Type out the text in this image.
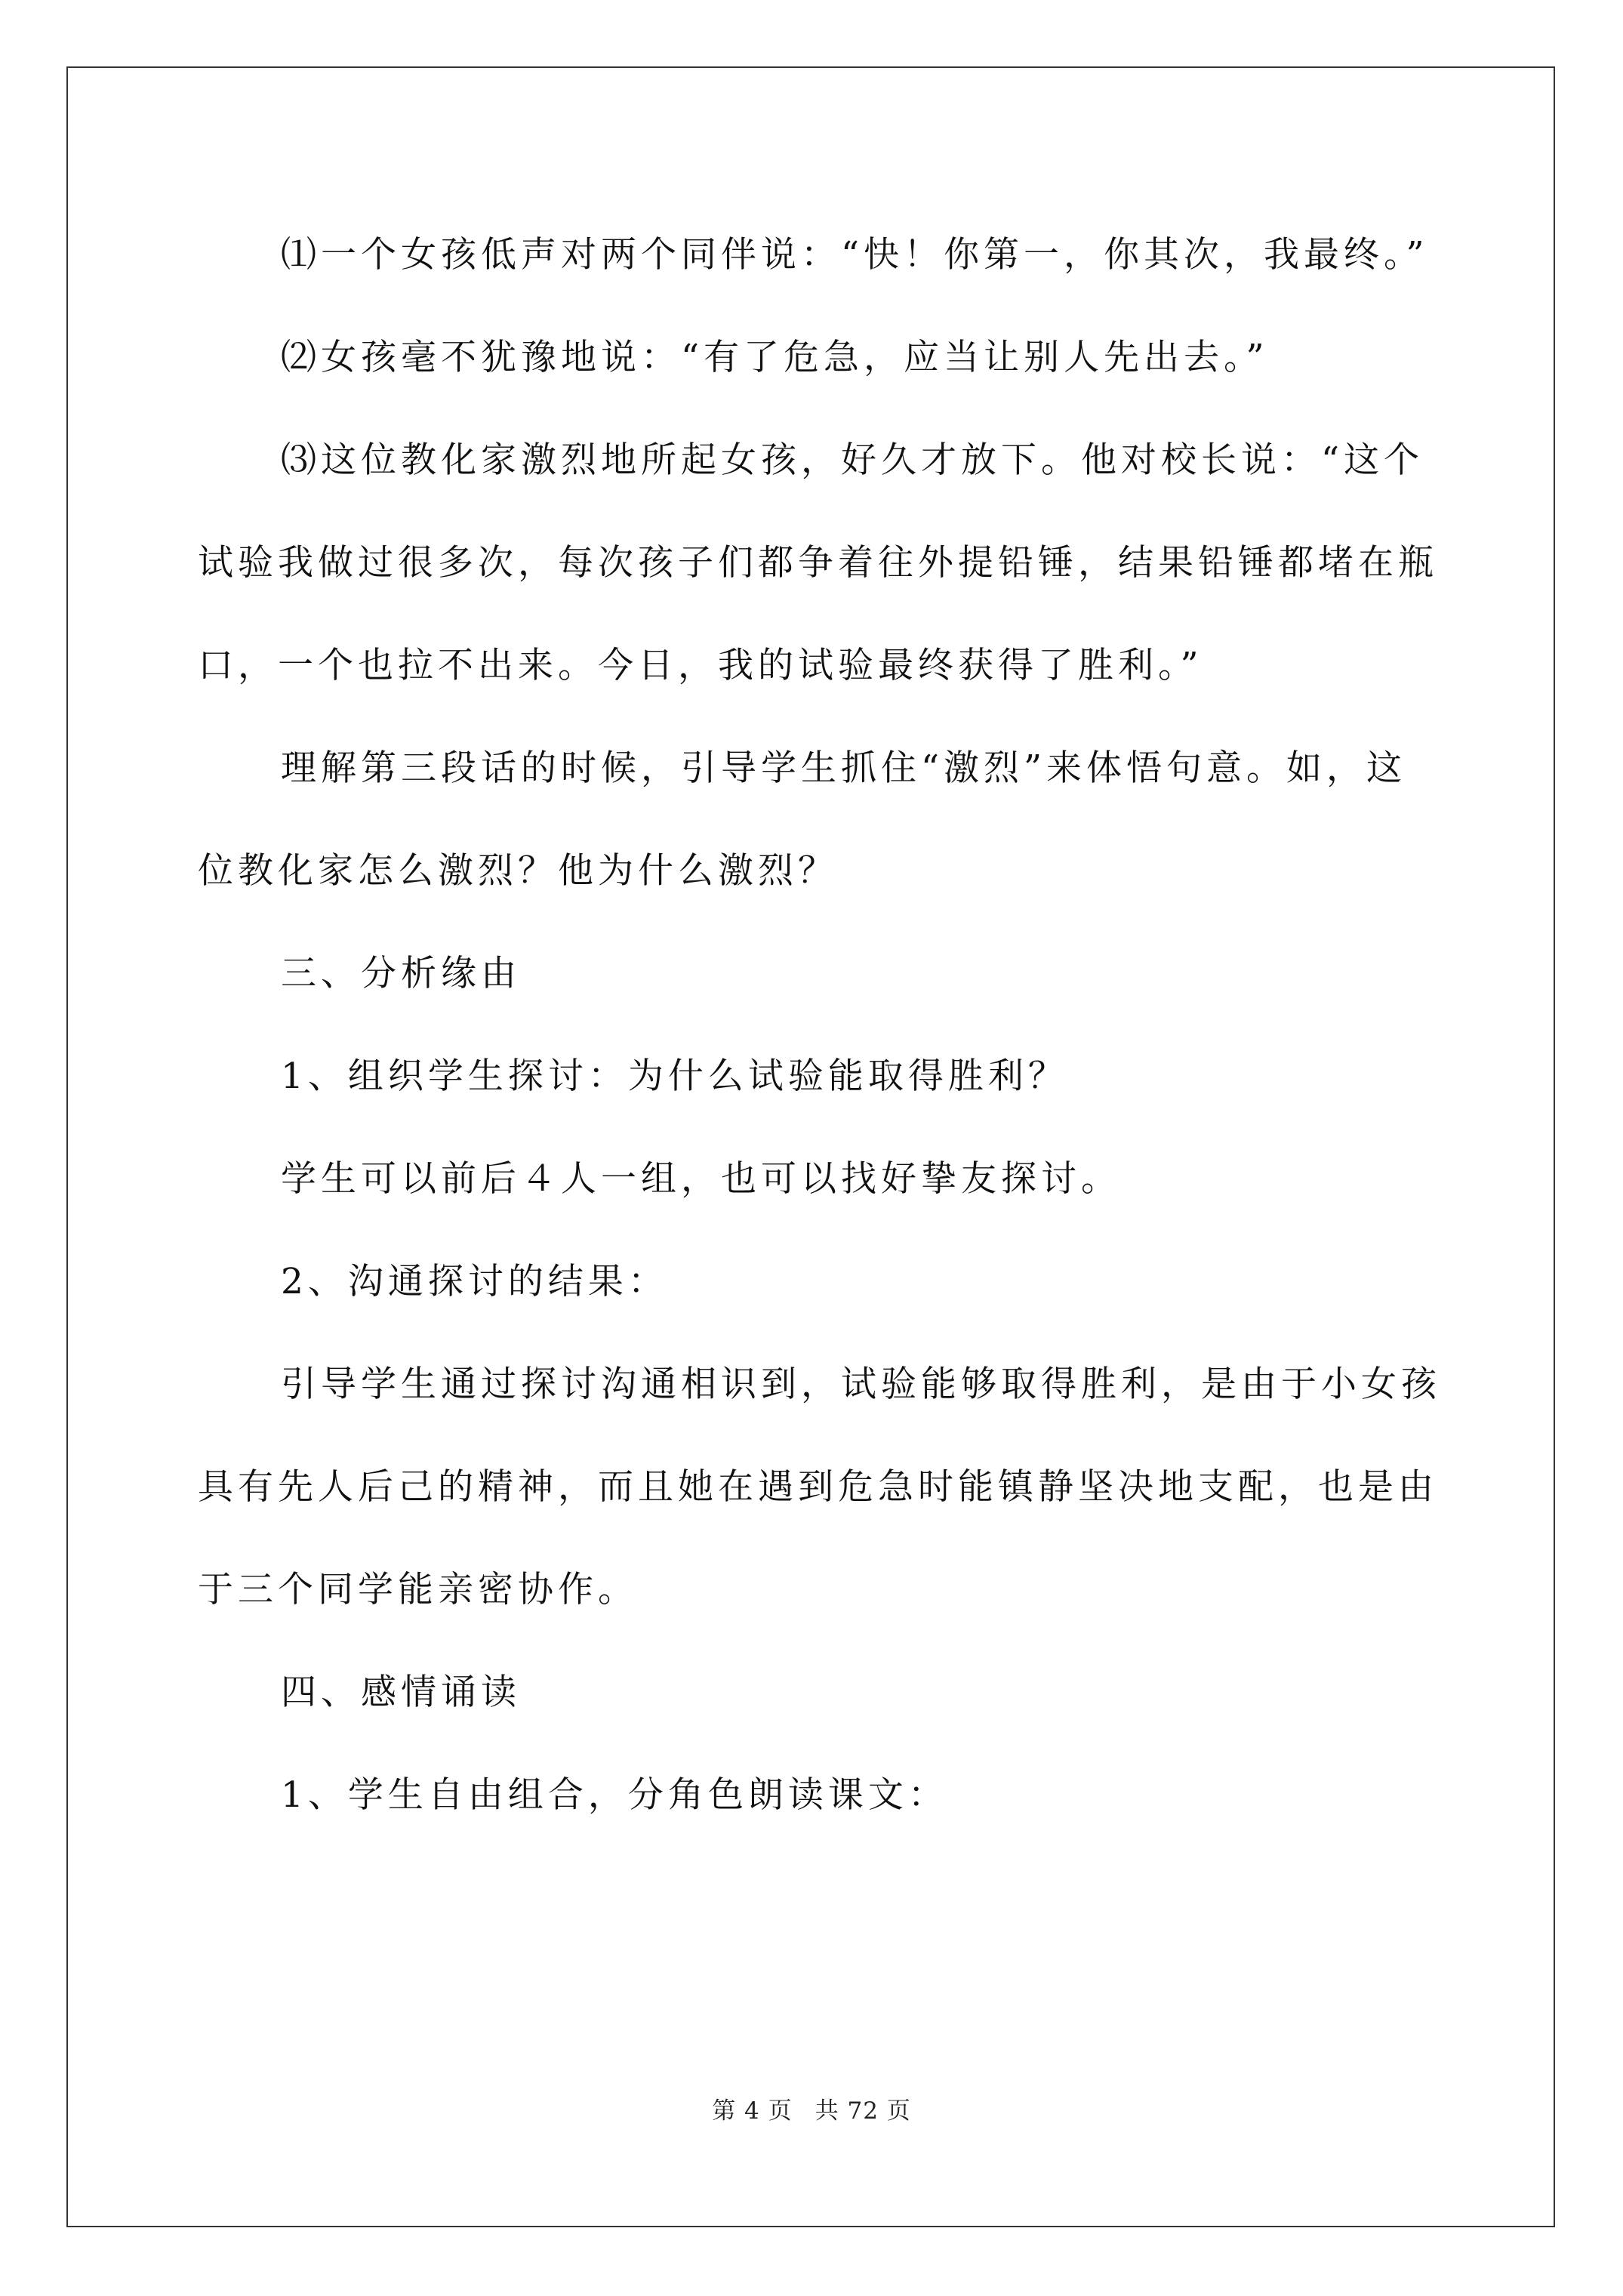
⑴一个女孩低声对两个同伴说：“快！你第一，你其次，我最终。”

⑵女孩毫不犹豫地说：“有了危急，应当让别人先出去。”

⑶这位教化家激烈地所起女孩，好久才放下。他对校长说：“这个试验我做过很多次，每次孩子们都争着往外提铅锤，结果铅锤都堵在瓶口，一个也拉不出来。今日，我的试验最终获得了胜利。”

理解第三段话的时候，引导学生抓住“激烈”来体悟句意。如，这位教化家怎么激烈？他为什么激烈？

三、分析缘由

1、组织学生探讨：为什么试验能取得胜利？

学生可以前后４人一组，也可以找好挚友探讨。

2、沟通探讨的结果：

引导学生通过探讨沟通相识到，试验能够取得胜利，是由于小女孩具有先人后己的精神，而且她在遇到危急时能镇静坚决地支配，也是由于三个同学能亲密协作。

四、感情诵读

1、学生自由组合，分角色朗读课文：

第 4 页 共 72 页
